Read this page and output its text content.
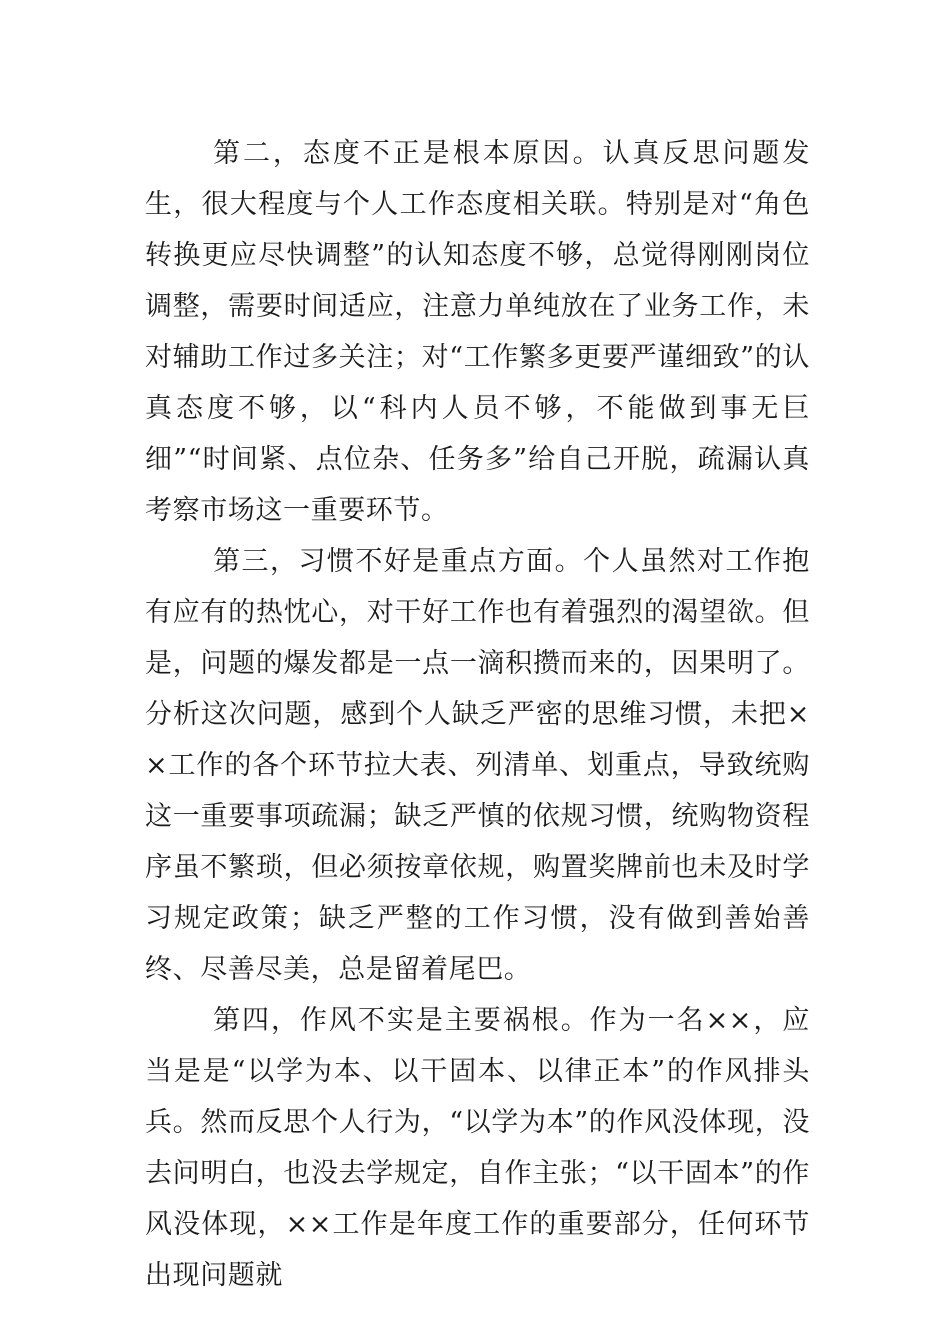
第二，态度不正是根本原因。认真反思问题发生，很大程度与个人工作态度相关联。特别是对“角色转换更应尽快调整”的认知态度不够，总觉得刚刚岗位调整，需要时间适应，注意力单纯放在了业务工作，未对辅助工作过多关注；对“工作繁多更要严谨细致”的认真态度不够，以“科内人员不够，不能做到事无巨细”“时间紧、点位杂、任务多”给自己开脱，疏漏认真考察市场这一重要环节。

第三，习惯不好是重点方面。个人虽然对工作抱有应有的热忱心，对干好工作也有着强烈的渴望欲。但是，问题的爆发都是一点一滴积攒而来的，因果明了。分析这次问题，感到个人缺乏严密的思维习惯，未把××工作的各个环节拉大表、列清单、划重点，导致统购这一重要事项疏漏；缺乏严慎的依规习惯，统购物资程序虽不繁琐，但必须按章依规，购置奖牌前也未及时学习规定政策；缺乏严整的工作习惯，没有做到善始善终、尽善尽美，总是留着尾巴。

第四，作风不实是主要祸根。作为一名××，应当是是“以学为本、以干固本、以律正本”的作风排头兵。然而反思个人行为，“以学为本”的作风没体现，没去问明白，也没去学规定，自作主张；“以干固本”的作风没体现，××工作是年度工作的重要部分，任何环节出现问题就
